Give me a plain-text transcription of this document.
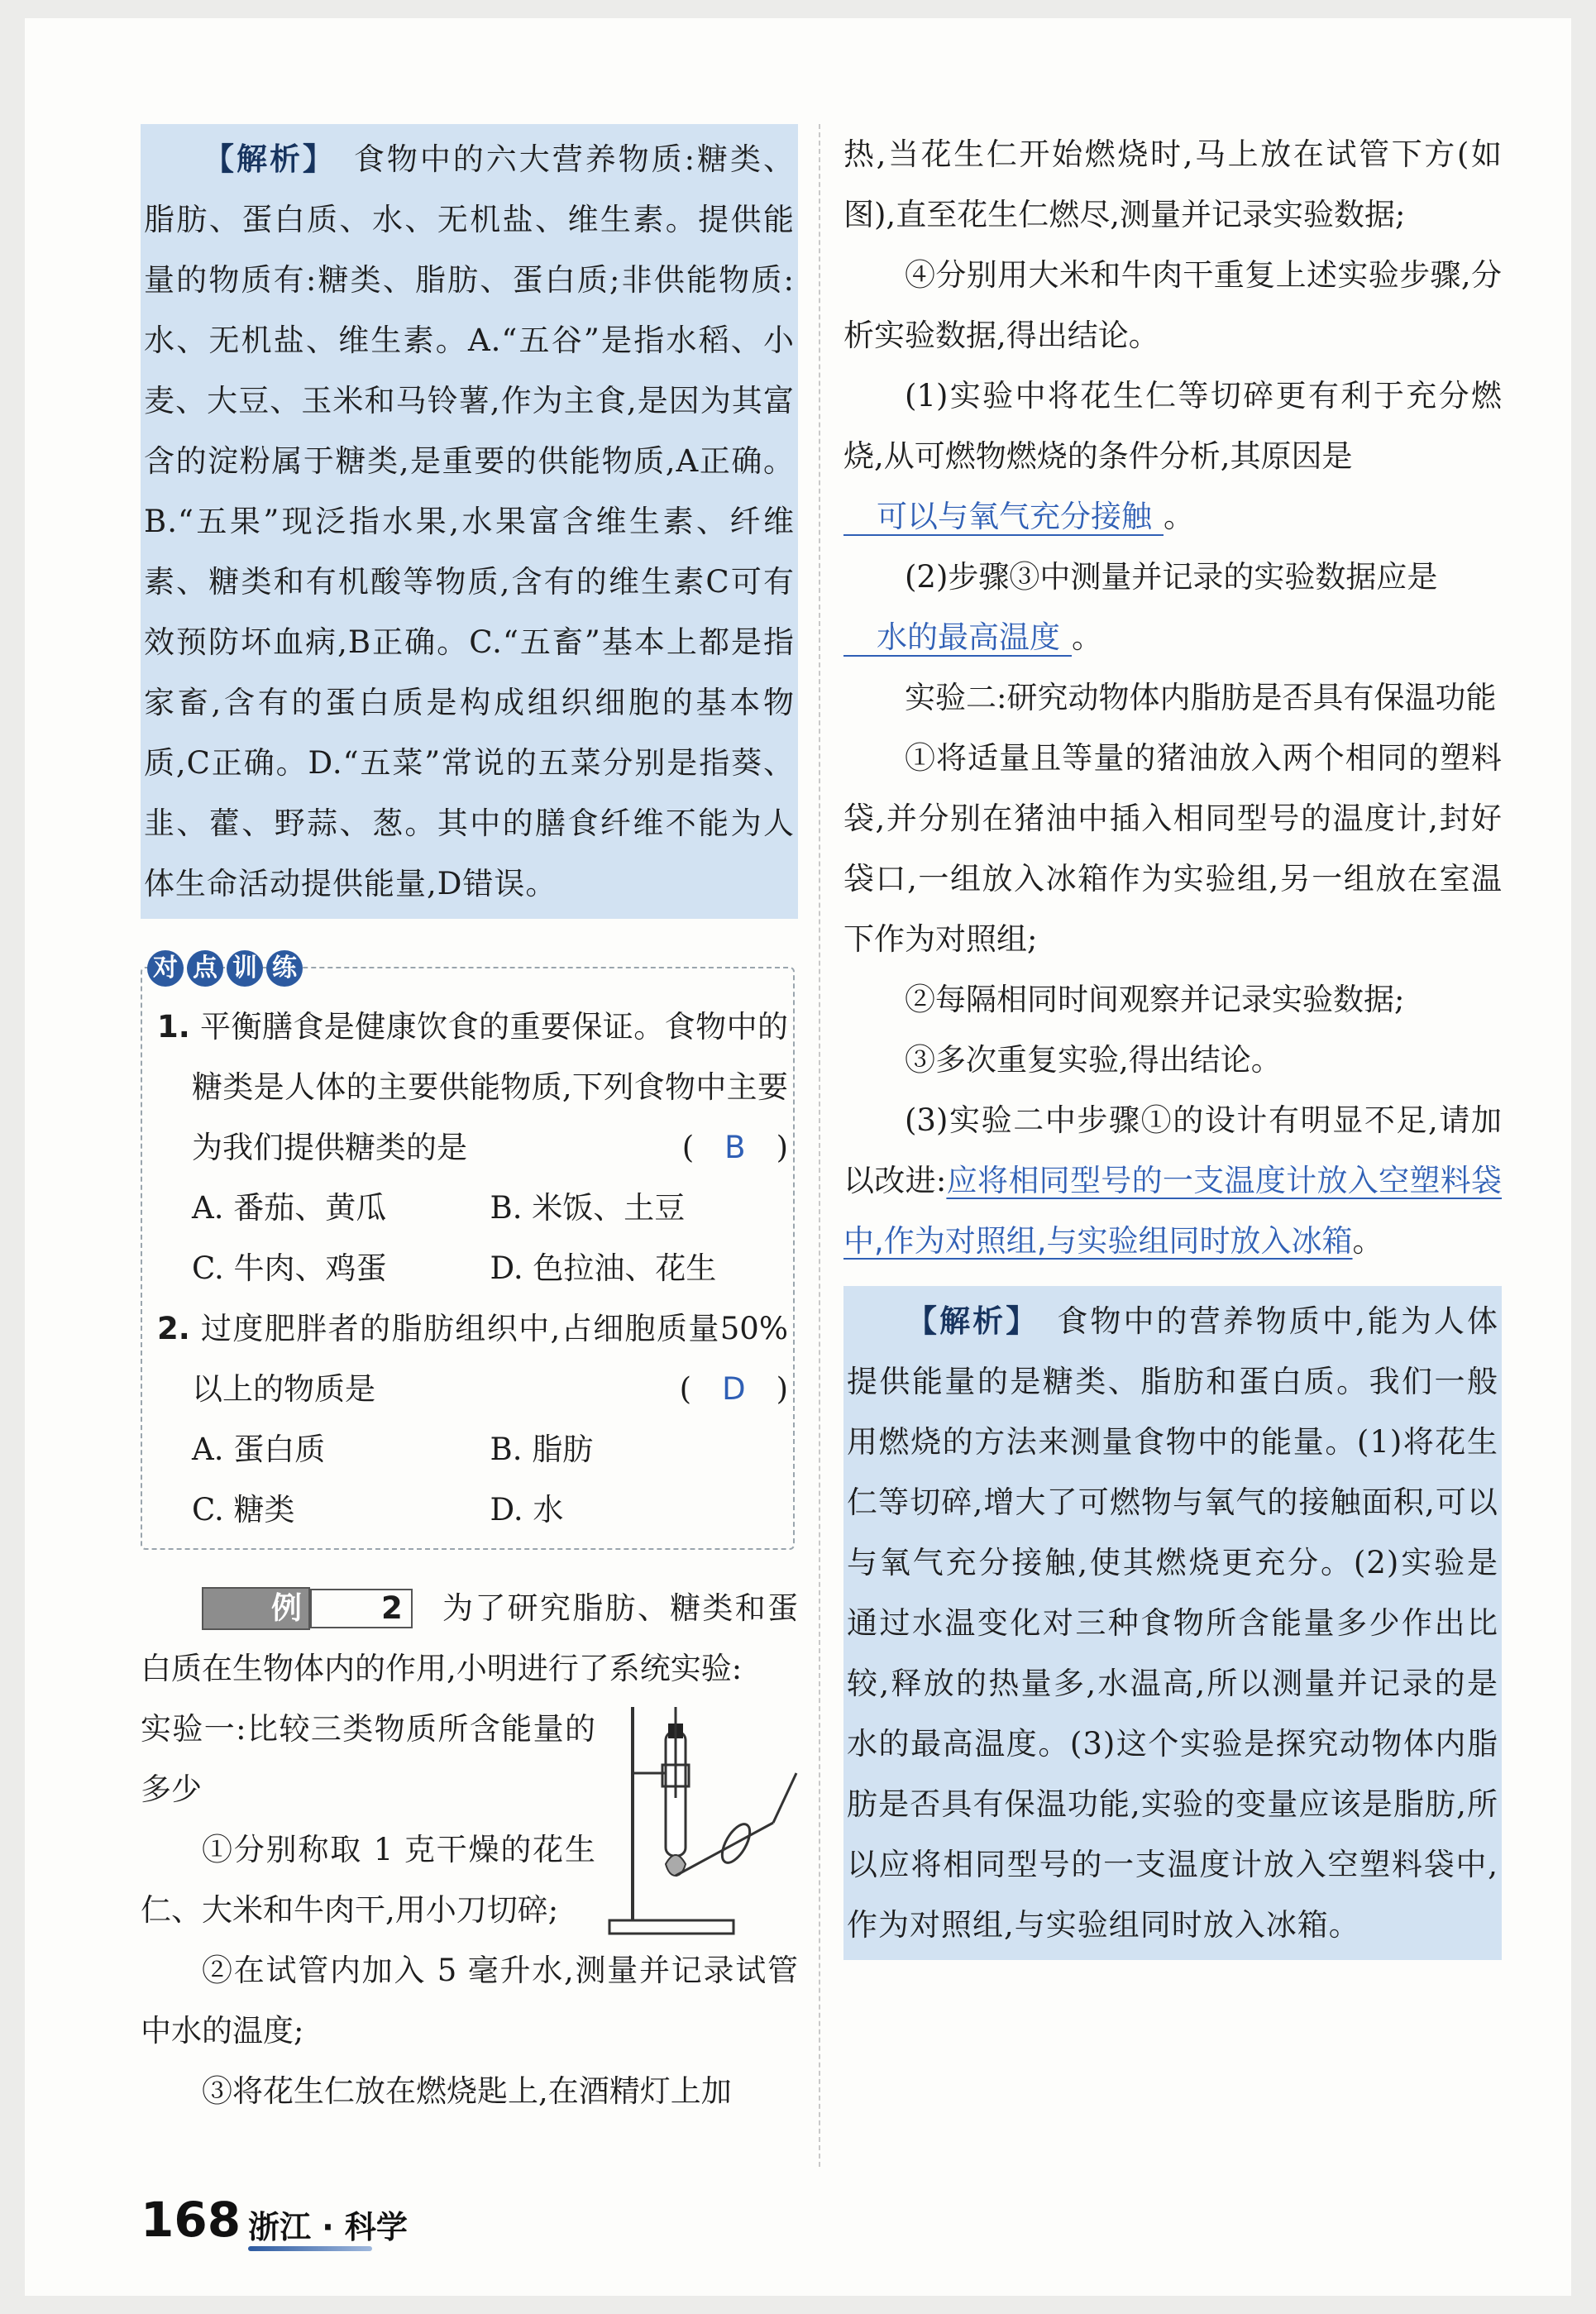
【解析】 食物中的六大营养物质:糖类、脂肪、蛋白质、水、无机盐、维生素。提供能量的物质有:糖类、脂肪、蛋白质;非供能物质:水、无机盐、维生素。A.“五谷”是指水稻、小麦、大豆、玉米和马铃薯,作为主食,是因为其富含的淀粉属于糖类,是重要的供能物质,A正确。B.“五果”现泛指水果,水果富含维生素、纤维素、糖类和有机酸等物质,含有的维生素C可有效预防坏血病,B正确。C.“五畜”基本上都是指家畜,含有的蛋白质是构成组织细胞的基本物质,C正确。D.“五菜”常说的五菜分别是指葵、韭、藿、野蒜、葱。其中的膳食纤维不能为人体生命活动提供能量,D错误。

对 点 训 练

1. 平衡膳食是健康饮食的重要保证。食物中的糖类是人体的主要供能物质,下列食物中主要为我们提供糖类的是	(  B  )

A. 番茄、黄瓜	B. 米饭、土豆
C. 牛肉、鸡蛋	D. 色拉油、花生

2. 过度肥胖者的脂肪组织中,占细胞质量50%以上的物质是	(  D  )

A. 蛋白质	B. 脂肪
C. 糖类	D. 水

例	2 为了研究脂肪、糖类和蛋白质在生物体内的作用,小明进行了系统实验:

实验一:比较三类物质所含能量的多少

①分别称取 1 克干燥的花生仁、大米和牛肉干,用小刀切碎;

②在试管内加入 5 毫升水,测量并记录试管中水的温度;

③将花生仁放在燃烧匙上,在酒精灯上加

热,当花生仁开始燃烧时,马上放在试管下方(如图),直至花生仁燃尽,测量并记录实验数据;

④分别用大米和牛肉干重复上述实验步骤,分析实验数据,得出结论。

(1)实验中将花生仁等切碎更有利于充分燃烧,从可燃物燃烧的条件分析,其原因是

可以与氧气充分接触 。

(2)步骤③中测量并记录的实验数据应是

水的最高温度 。

实验二:研究动物体内脂肪是否具有保温功能

①将适量且等量的猪油放入两个相同的塑料袋,并分别在猪油中插入相同型号的温度计,封好袋口,一组放入冰箱作为实验组,另一组放在室温下作为对照组;

②每隔相同时间观察并记录实验数据;

③多次重复实验,得出结论。

(3)实验二中步骤①的设计有明显不足,请加以改进:应将相同型号的一支温度计放入空塑料袋中,作为对照组,与实验组同时放入冰箱。

【解析】 食物中的营养物质中,能为人体提供能量的是糖类、脂肪和蛋白质。我们一般用燃烧的方法来测量食物中的能量。(1)将花生仁等切碎,增大了可燃物与氧气的接触面积,可以与氧气充分接触,使其燃烧更充分。(2)实验是通过水温变化对三种食物所含能量多少作出比较,释放的热量多,水温高,所以测量并记录的是水的最高温度。(3)这个实验是探究动物体内脂肪是否具有保温功能,实验的变量应该是脂肪,所以应将相同型号的一支温度计放入空塑料袋中,作为对照组,与实验组同时放入冰箱。

168 浙江 · 科学
